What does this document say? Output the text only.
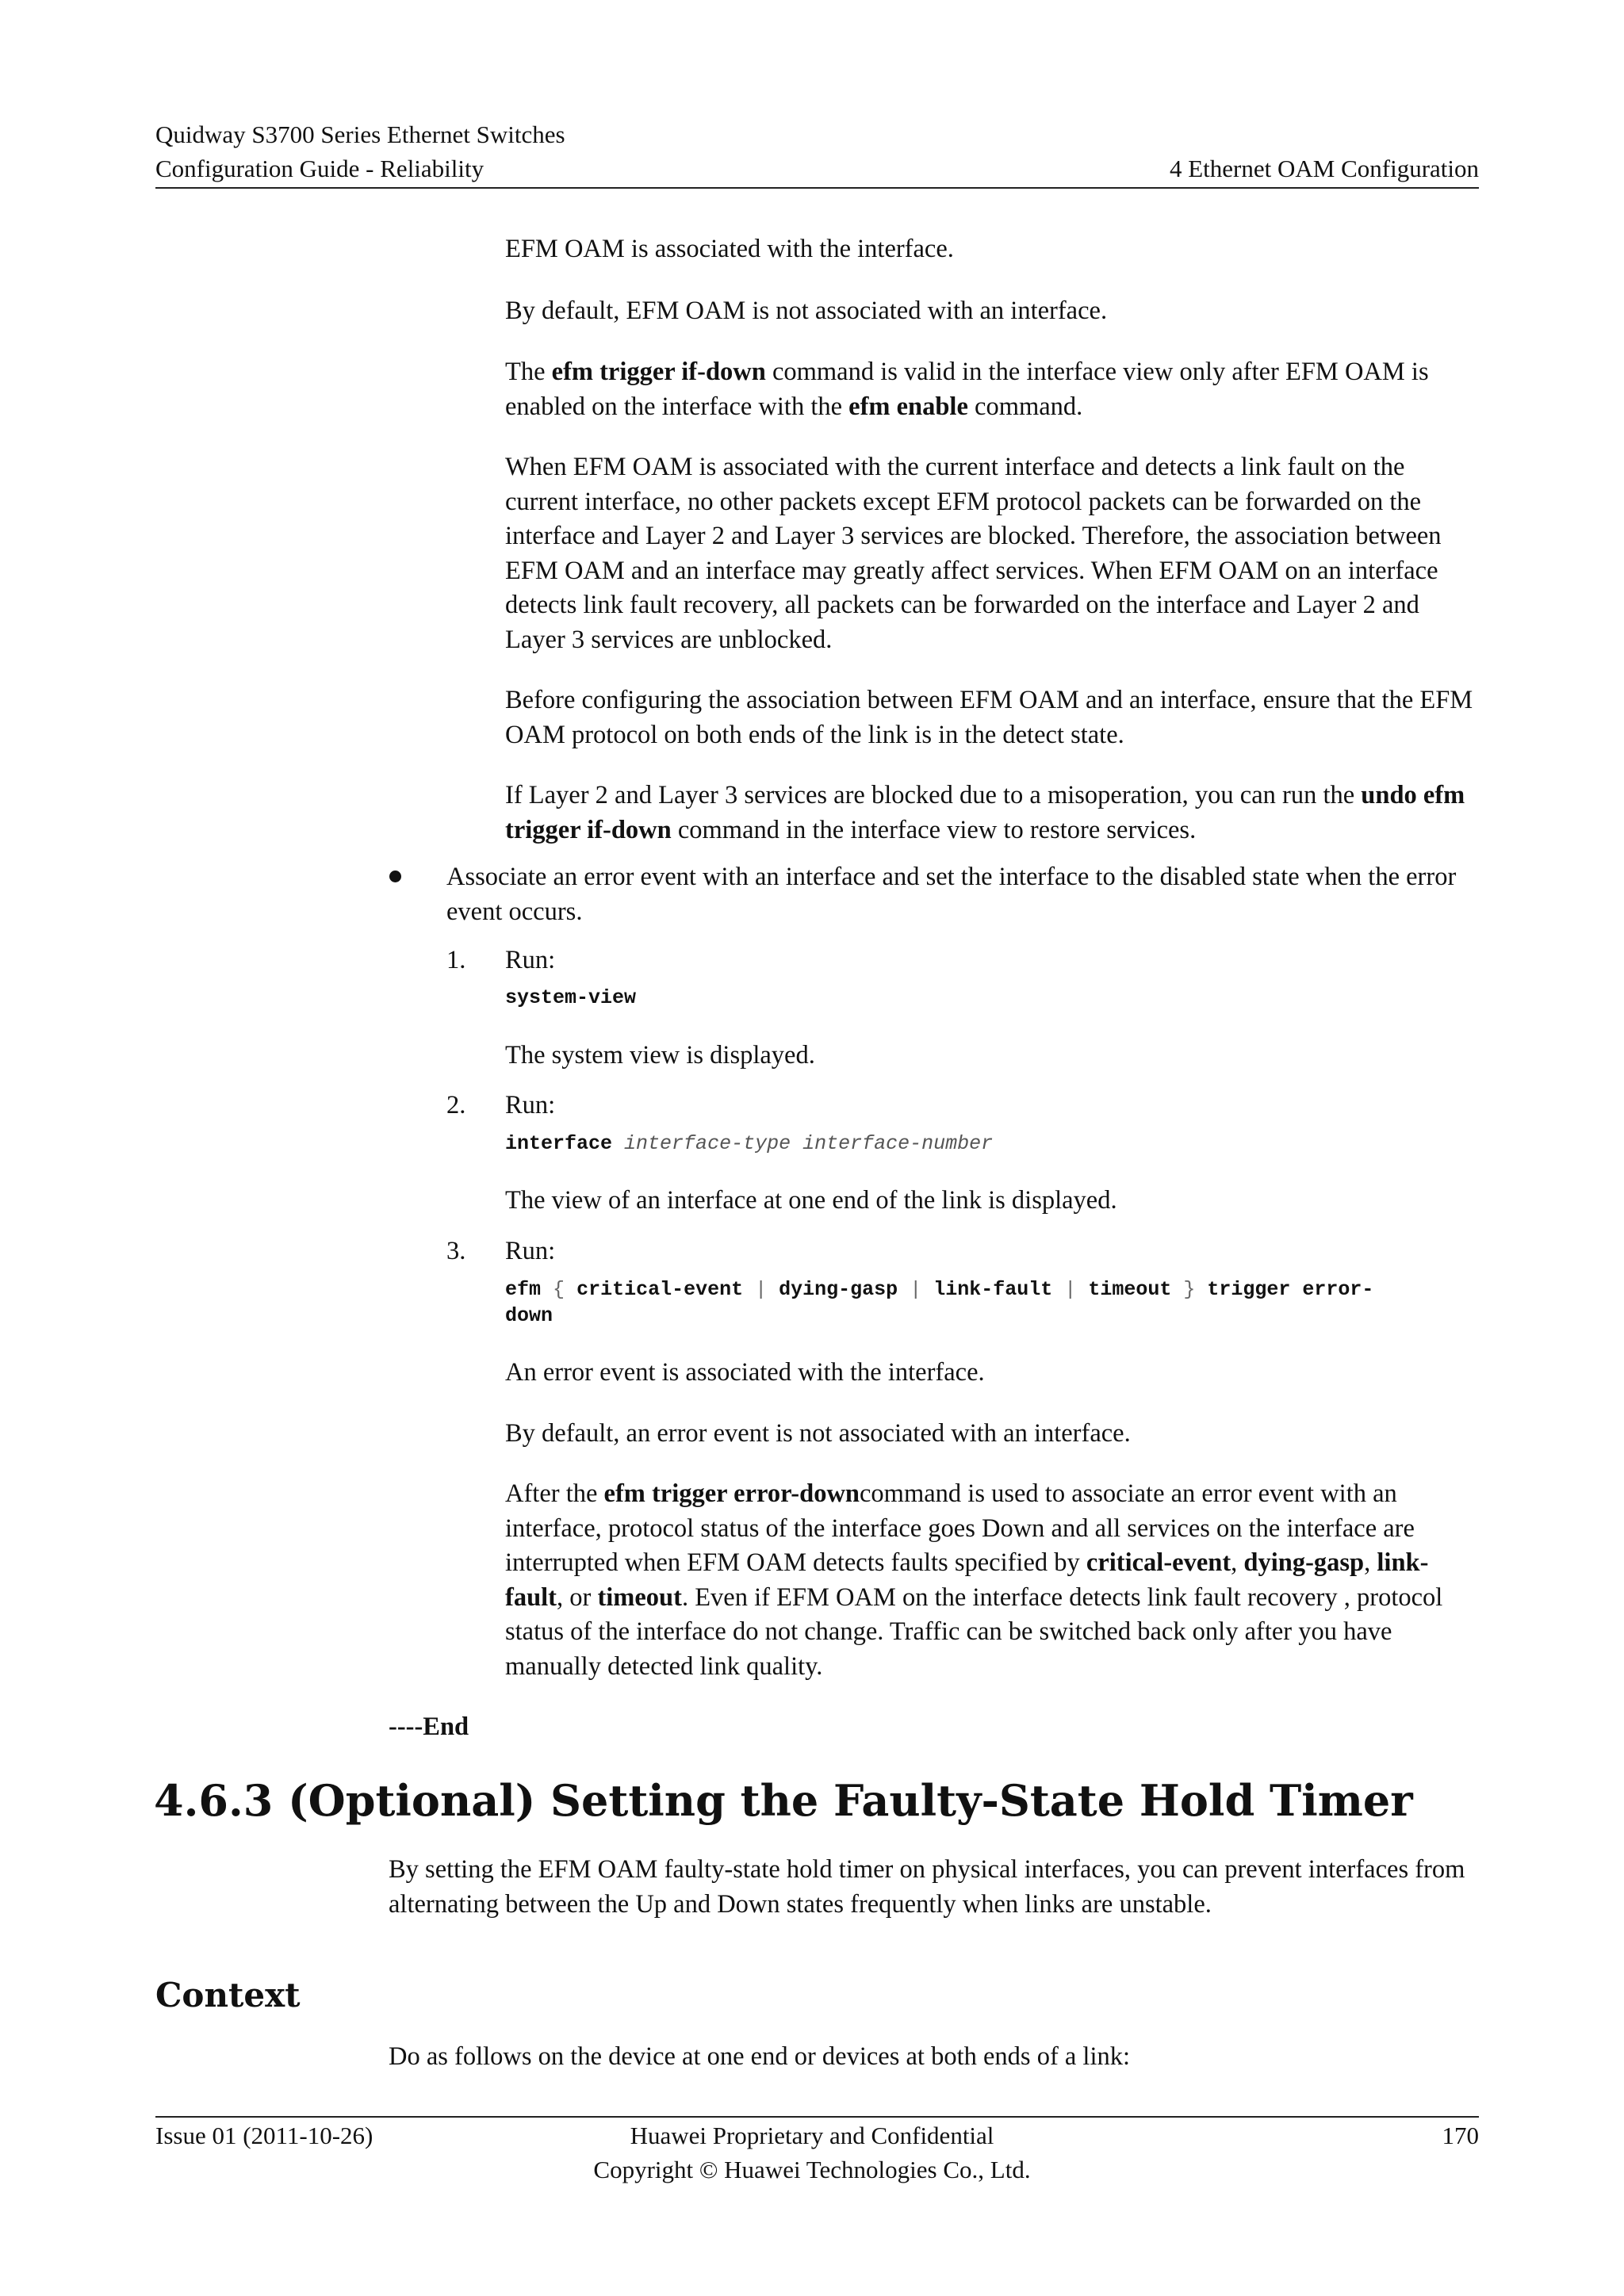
Quidway S3700 Series Ethernet Switches
Configuration Guide - Reliability	4 Ethernet OAM Configuration
EFM OAM is associated with the interface.
By default, EFM OAM is not associated with an interface.
The efm trigger if-down command is valid in the interface view only after EFM OAM is enabled on the interface with the efm enable command.
When EFM OAM is associated with the current interface and detects a link fault on the current interface, no other packets except EFM protocol packets can be forwarded on the interface and Layer 2 and Layer 3 services are blocked. Therefore, the association between EFM OAM and an interface may greatly affect services. When EFM OAM on an interface detects link fault recovery, all packets can be forwarded on the interface and Layer 2 and Layer 3 services are unblocked.
Before configuring the association between EFM OAM and an interface, ensure that the EFM OAM protocol on both ends of the link is in the detect state.
If Layer 2 and Layer 3 services are blocked due to a misoperation, you can run the undo efm trigger if-down command in the interface view to restore services.
Associate an error event with an interface and set the interface to the disabled state when the error event occurs.
1. Run:
system-view
The system view is displayed.
2. Run:
interface interface-type interface-number
The view of an interface at one end of the link is displayed.
3. Run:
efm { critical-event | dying-gasp | link-fault | timeout } trigger error-
down
An error event is associated with the interface.
By default, an error event is not associated with an interface.
After the efm trigger error-downcommand is used to associate an error event with an interface, protocol status of the interface goes Down and all services on the interface are interrupted when EFM OAM detects faults specified by critical-event, dying-gasp, link-fault, or timeout. Even if EFM OAM on the interface detects link fault recovery , protocol status of the interface do not change. Traffic can be switched back only after you have manually detected link quality.
----End
4.6.3 (Optional) Setting the Faulty-State Hold Timer
By setting the EFM OAM faulty-state hold timer on physical interfaces, you can prevent interfaces from alternating between the Up and Down states frequently when links are unstable.
Context
Do as follows on the device at one end or devices at both ends of a link:
Issue 01 (2011-10-26)	Huawei Proprietary and Confidential
Copyright © Huawei Technologies Co., Ltd.
170
